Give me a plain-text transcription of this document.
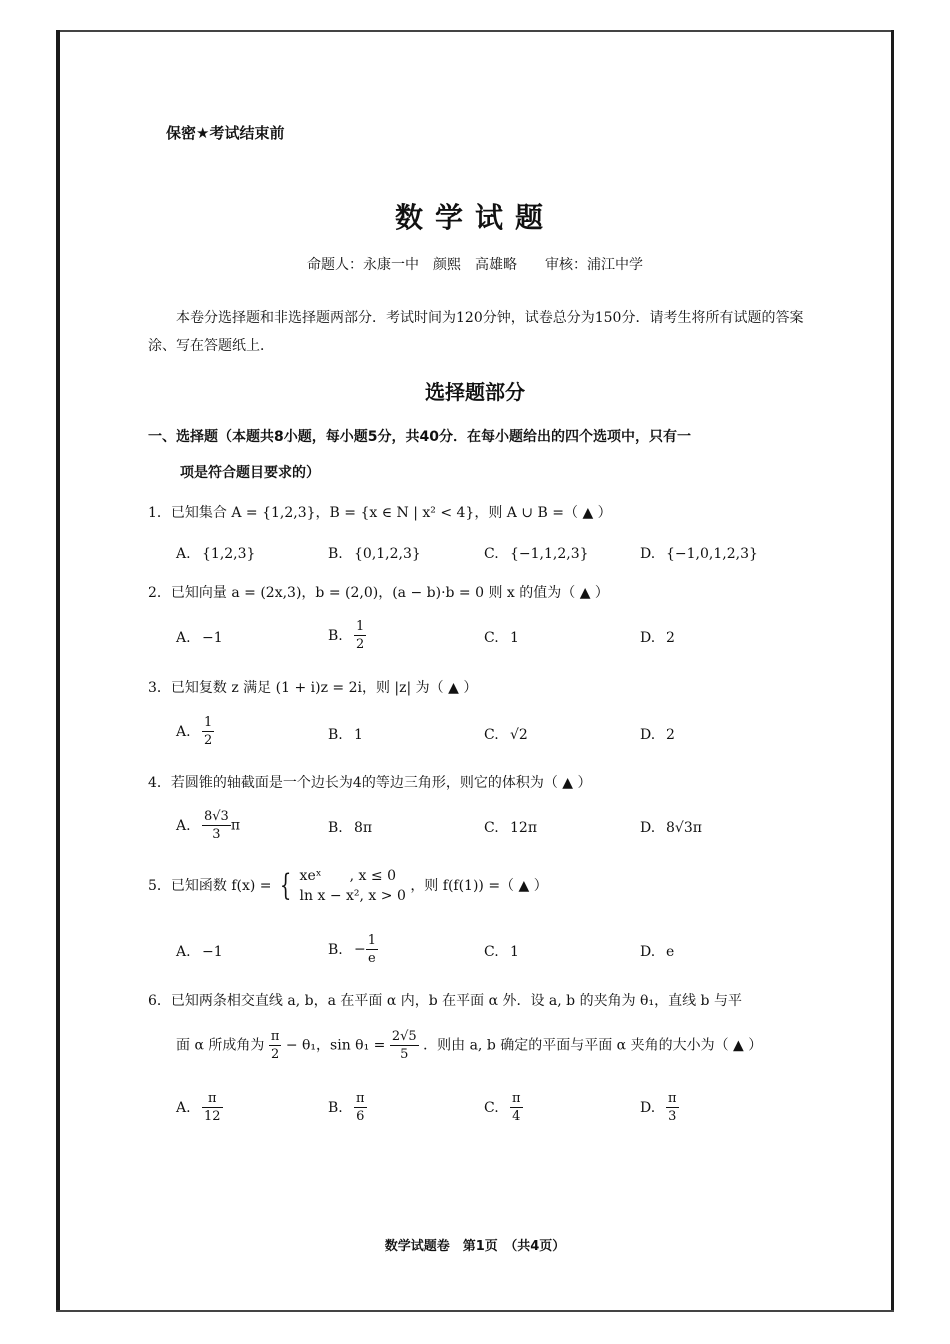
保密★考试结束前
数学试题
命题人：永康一中　颜熙　高雄略　　审核：浦江中学
本卷分选择题和非选择题两部分．考试时间为120分钟，试卷总分为150分．请考生将所有试题的答案涂、写在答题纸上．
选择题部分
一、选择题（本题共8小题，每小题5分，共40分．在每小题给出的四个选项中，只有一
项是符合题目要求的）
1．已知集合 A = {1,2,3}，B = {x ∈ N | x² < 4}，则 A ∪ B =（ ▲ ）
A. {1,2,3}	B. {0,1,2,3}	C. {−1,1,2,3}	D. {−1,0,1,2,3}
2．已知向量 a = (2x,3)，b = (2,0)，(a − b)·b = 0 则 x 的值为（ ▲ ）
A. −1	B. $\frac{1}{2}$	C. 1	D. 2
3．已知复数 z 满足 (1 + i)z = 2i，则 |z| 为（ ▲ ）
A. $\frac{1}{2}$	B. 1	C. √2	D. 2
4．若圆锥的轴截面是一个边长为4的等边三角形，则它的体积为（ ▲ ）
A. $\frac{8√3}{3}$ π	B. 8π	C. 12π	D. 8√3π
5．已知函数 f(x) = { xeˣ　　, x ≤ 0
ln x − x², x > 0
，则 f(f(1)) =（ ▲ ）
A. −1	B. − $\frac{1}{e}$	C. 1	D. e
6．已知两条相交直线 a, b，a 在平面 α 内，b 在平面 α 外．设 a, b 的夹角为 θ₁，直线 b 与平
面 α 所成角为 $\frac{\pi}{2} - \theta_1$，$\sin \theta_1 = \frac{2√5}{5}$ ．则由 a, b 确定的平面与平面 α 夹角的大小为（ ▲ ）
A. $\frac{\pi}{12}$	B. $\frac{\pi}{6}$	C. $\frac{\pi}{4}$	D. $\frac{\pi}{3}$
数学试题卷　第1页　（共4页）
